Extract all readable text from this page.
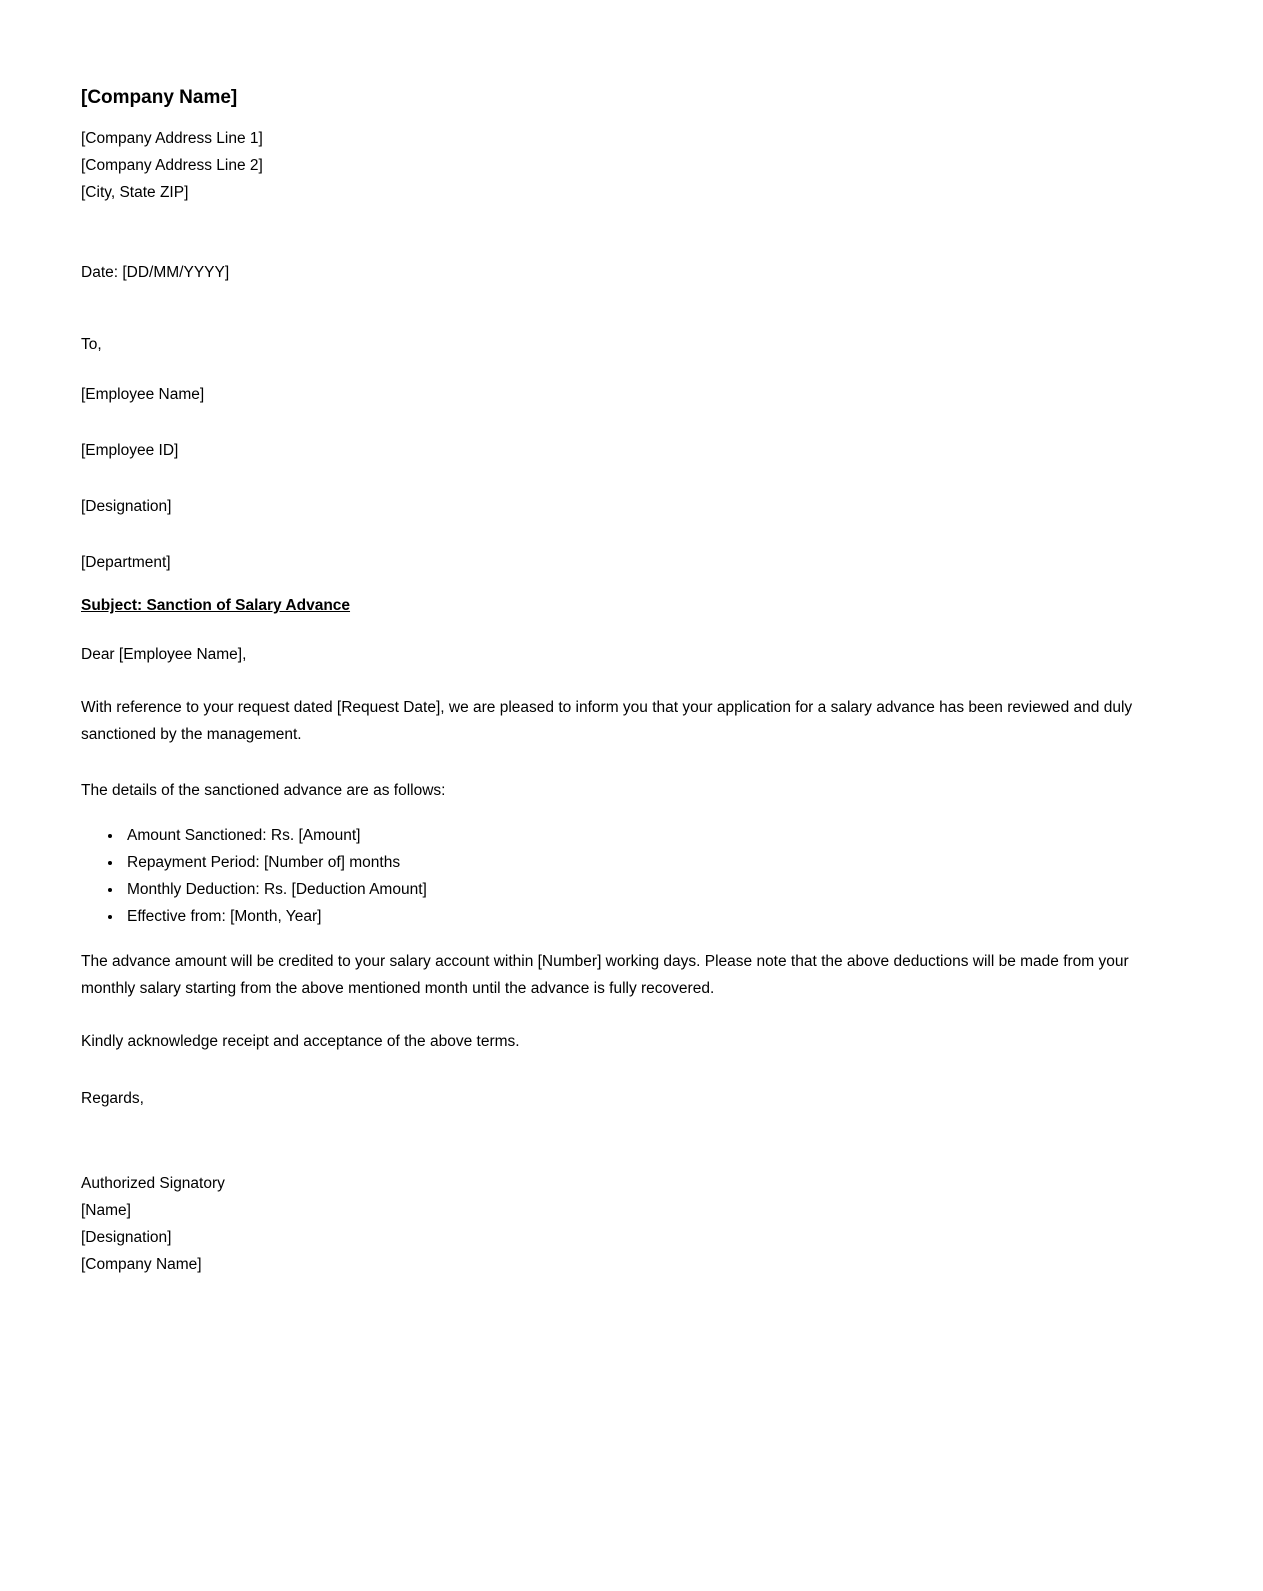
[Company Name]
[Company Address Line 1]
[Company Address Line 2]
[City, State ZIP]

Date: [DD/MM/YYYY]

To,

[Employee Name]

[Employee ID]

[Designation]

[Department]

Subject: Sanction of Salary Advance

Dear [Employee Name],

With reference to your request dated [Request Date], we are pleased to inform you that your application for a salary advance has been reviewed and duly sanctioned by the management.

The details of the sanctioned advance are as follows:

• Amount Sanctioned: Rs. [Amount]
• Repayment Period: [Number of] months
• Monthly Deduction: Rs. [Deduction Amount]
• Effective from: [Month, Year]

The advance amount will be credited to your salary account within [Number] working days. Please note that the above deductions will be made from your monthly salary starting from the above mentioned month until the advance is fully recovered.

Kindly acknowledge receipt and acceptance of the above terms.

Regards,

Authorized Signatory
[Name]
[Designation]
[Company Name]
